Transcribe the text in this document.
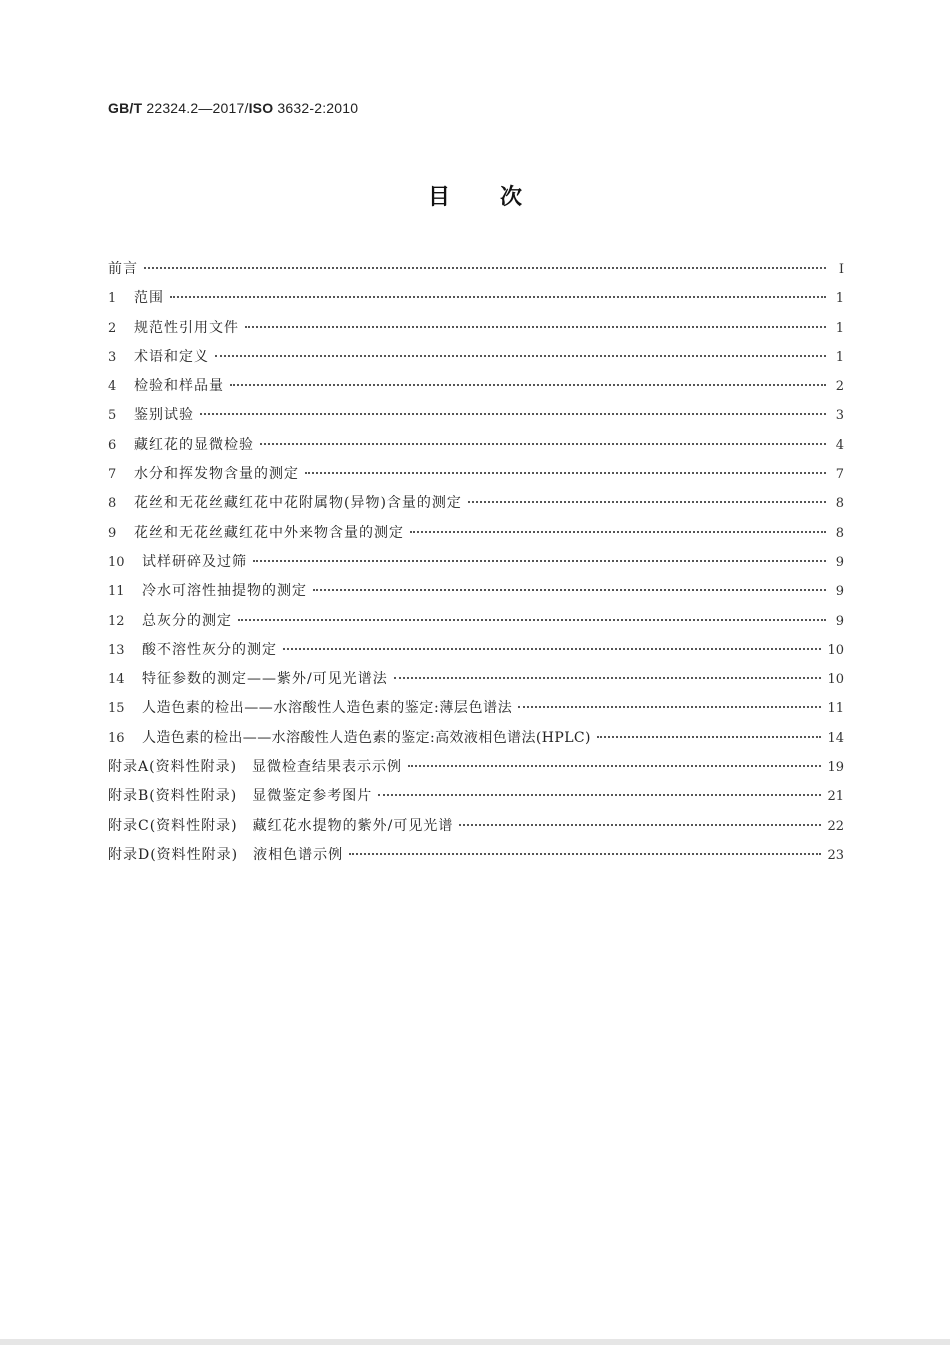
GB/T 22324.2—2017/ISO 3632-2:2010
目 次
前言	Ⅰ
1	范围	1
2	规范性引用文件	1
3	术语和定义	1
4	检验和样品量	2
5	鉴别试验	3
6	藏红花的显微检验	4
7	水分和挥发物含量的测定	7
8	花丝和无花丝藏红花中花附属物(异物)含量的测定	8
9	花丝和无花丝藏红花中外来物含量的测定	8
10	试样研碎及过筛	9
11	冷水可溶性抽提物的测定	9
12	总灰分的测定	9
13	酸不溶性灰分的测定	10
14	特征参数的测定——紫外/可见光谱法	10
15	人造色素的检出——水溶酸性人造色素的鉴定:薄层色谱法	11
16	人造色素的检出——水溶酸性人造色素的鉴定:高效液相色谱法(HPLC)	14
附录A(资料性附录)　显微检查结果表示示例	19
附录B(资料性附录)　显微鉴定参考图片	21
附录C(资料性附录)　藏红花水提物的紫外/可见光谱	22
附录D(资料性附录)　液相色谱示例	23
